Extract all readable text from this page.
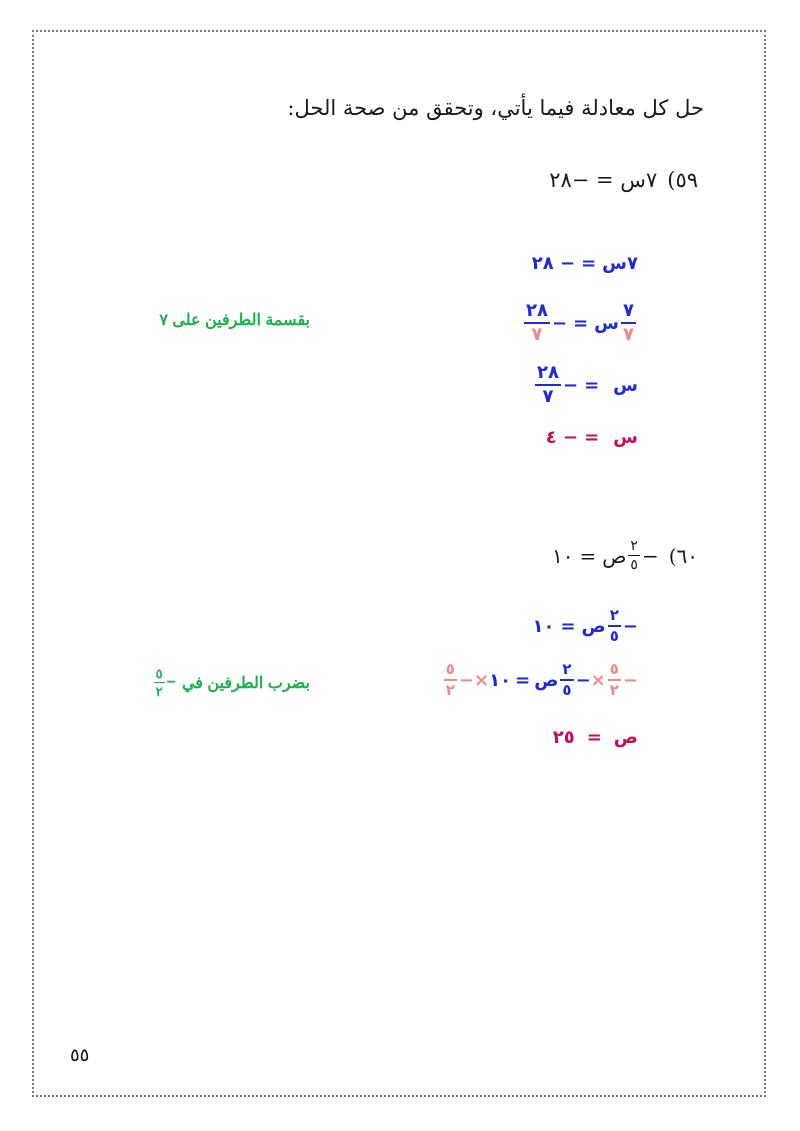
حل كل معادلة فيما يأتي، وتحقق من صحة الحل:
٥٩)
٧س = −٢٨
٧س
=
− ٢٨
$\frac{٧}{٧}$
س
=
−
$\frac{٢٨}{٧}$
بقسمة الطرفين على ٧
س
=
−
$\frac{٢٨}{٧}$
س
=
− ٤
٦٠)
−
$\frac{٢}{٥}$
ص
=
١٠
−
$\frac{٢}{٥}$
ص
=
١٠
−
$\frac{٥}{٢}$
×
−
$\frac{٢}{٥}$
ص
=
١٠
×
−
$\frac{٥}{٢}$
بضرب الطرفين في
−
$\frac{٥}{٢}$
ص
=
٢٥
٥٥
